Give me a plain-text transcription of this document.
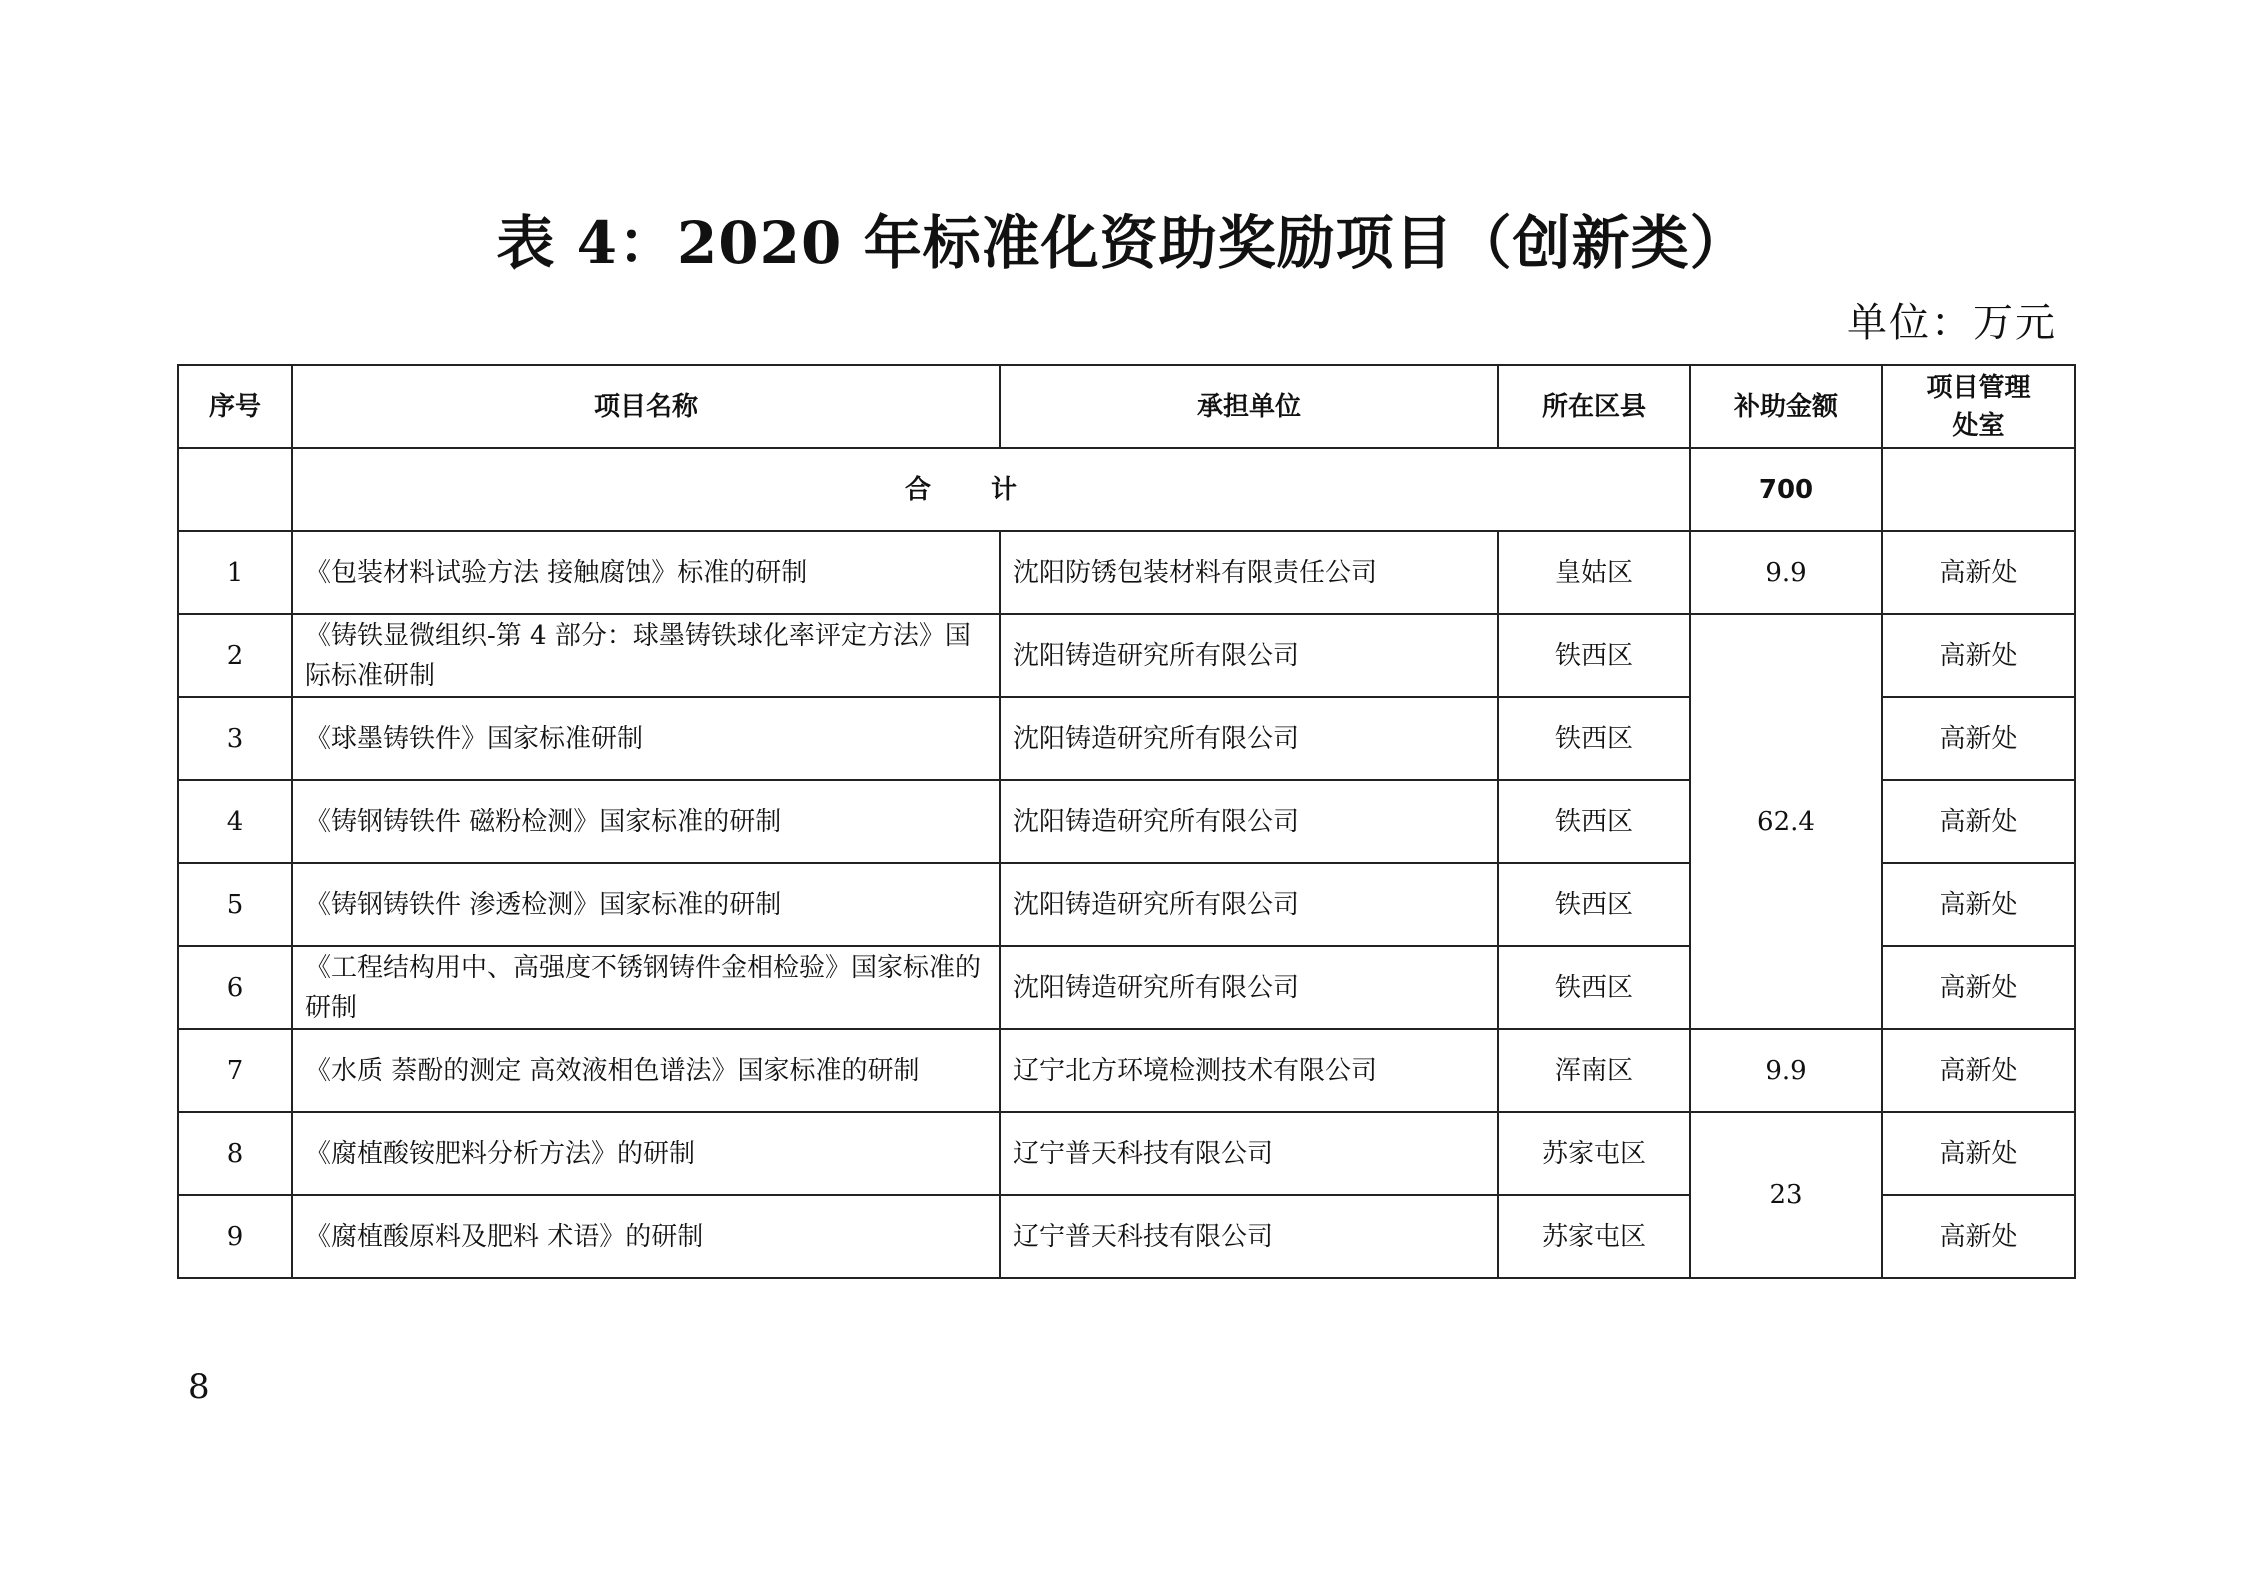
表 4：2020 年标准化资助奖励项目（创新类）
单位：万元
序号	项目名称	承担单位	所在区县	补助金额	项目管理处室
	合计			700	
1	《包装材料试验方法 接触腐蚀》标准的研制	沈阳防锈包装材料有限责任公司	皇姑区	9.9	高新处
2	《铸铁显微组织-第 4 部分：球墨铸铁球化率评定方法》国际标准研制	沈阳铸造研究所有限公司	铁西区	62.4	高新处
3	《球墨铸铁件》国家标准研制	沈阳铸造研究所有限公司	铁西区		高新处
4	《铸钢铸铁件 磁粉检测》国家标准的研制	沈阳铸造研究所有限公司	铁西区		高新处
5	《铸钢铸铁件 渗透检测》国家标准的研制	沈阳铸造研究所有限公司	铁西区		高新处
6	《工程结构用中、高强度不锈钢铸件金相检验》国家标准的研制	沈阳铸造研究所有限公司	铁西区		高新处
7	《水质 萘酚的测定 高效液相色谱法》国家标准的研制	辽宁北方环境检测技术有限公司	浑南区	9.9	高新处
8	《腐植酸铵肥料分析方法》的研制	辽宁普天科技有限公司	苏家屯区	23	高新处
9	《腐植酸原料及肥料 术语》的研制	辽宁普天科技有限公司	苏家屯区		高新处
8
